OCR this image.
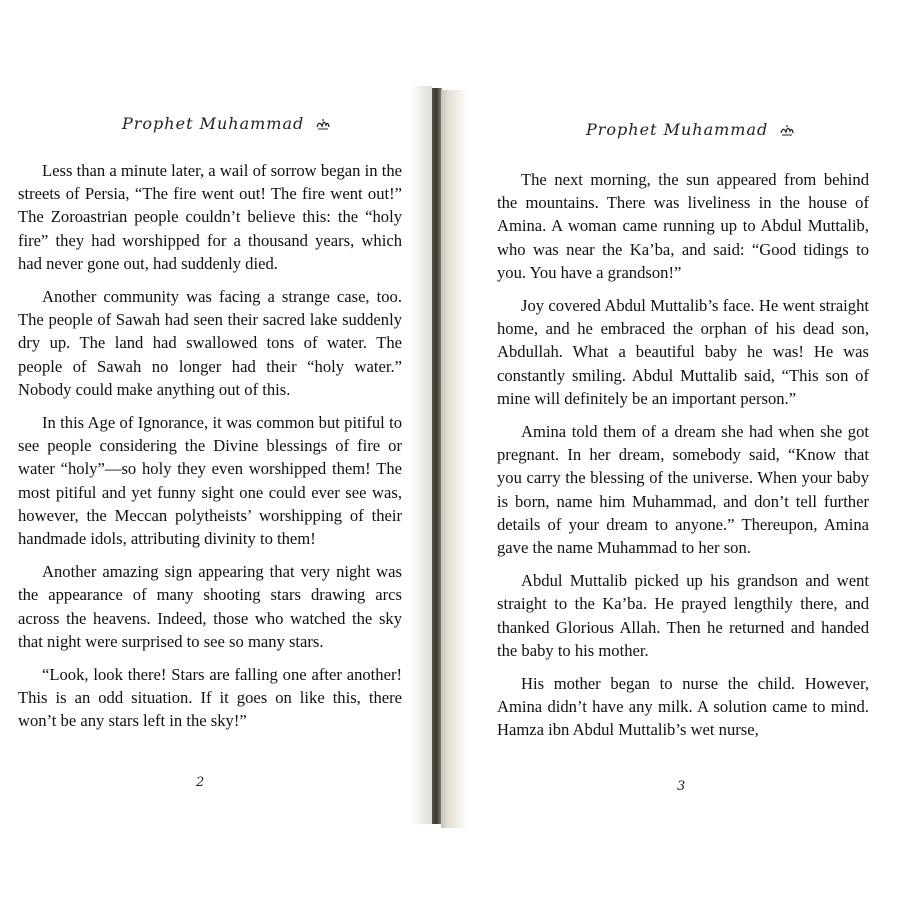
Prophet Muhammad

Less than a minute later, a wail of sorrow began in the streets of Persia, “The fire went out! The fire went out!” The Zoroastrian people couldn’t believe this: the “holy fire” they had worshipped for a thousand years, which had never gone out, had suddenly died.

Another community was facing a strange case, too. The people of Sawah had seen their sacred lake suddenly dry up. The land had swallowed tons of water. The people of Sawah no longer had their “holy water.” Nobody could make anything out of this.

In this Age of Ignorance, it was common but pitiful to see people considering the Divine blessings of fire or water “holy”—so holy they even worshipped them! The most pitiful and yet funny sight one could ever see was, however, the Meccan polytheists’ worshipping of their handmade idols, attributing divinity to them!

Another amazing sign appearing that very night was the appearance of many shooting stars drawing arcs across the heavens. Indeed, those who watched the sky that night were surprised to see so many stars.

“Look, look there! Stars are falling one after another! This is an odd situation. If it goes on like this, there won’t be any stars left in the sky!”

2
Prophet Muhammad

The next morning, the sun appeared from behind the mountains. There was liveliness in the house of Amina. A woman came running up to Abdul Muttalib, who was near the Ka’ba, and said: “Good tidings to you. You have a grandson!”

Joy covered Abdul Muttalib’s face. He went straight home, and he embraced the orphan of his dead son, Abdullah. What a beautiful baby he was! He was constantly smiling. Abdul Muttalib said, “This son of mine will definitely be an important person.”

Amina told them of a dream she had when she got pregnant. In her dream, somebody said, “Know that you carry the blessing of the universe. When your baby is born, name him Muhammad, and don’t tell further details of your dream to anyone.” Thereupon, Amina gave the name Muhammad to her son.

Abdul Muttalib picked up his grandson and went straight to the Ka’ba. He prayed lengthily there, and thanked Glorious Allah. Then he returned and handed the baby to his mother.

His mother began to nurse the child. However, Amina didn’t have any milk. A solution came to mind. Hamza ibn Abdul Muttalib’s wet nurse,

3
